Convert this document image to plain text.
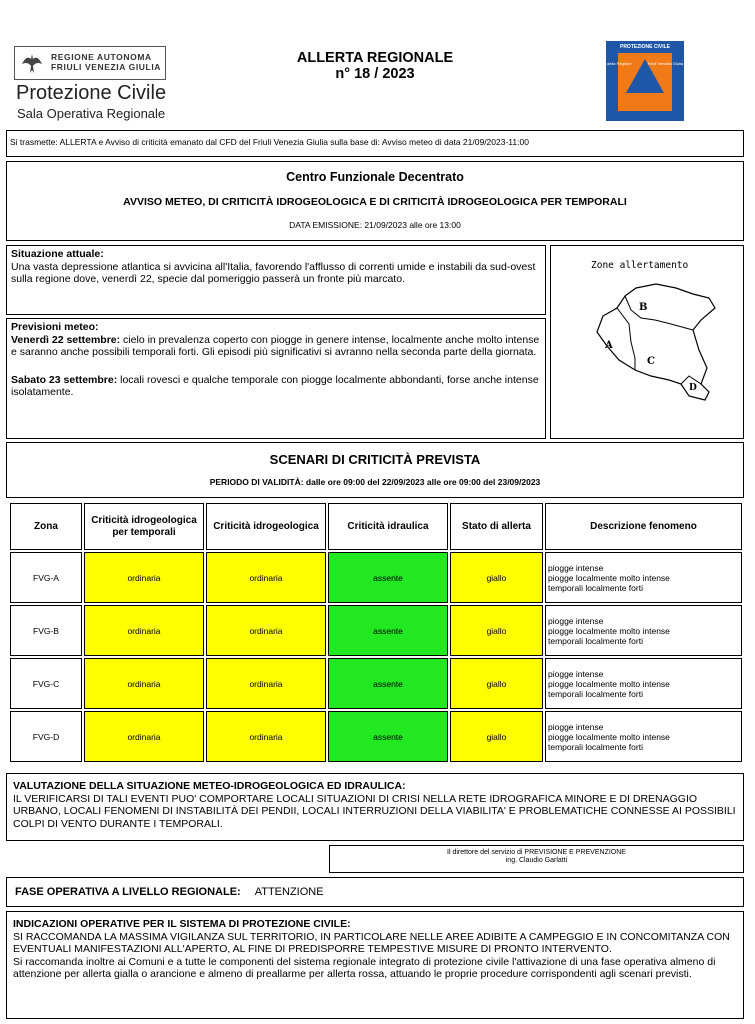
REGIONE AUTONOMA
FRIULI VENEZIA GIULIA
Protezione Civile
Sala Operativa Regionale
ALLERTA REGIONALE
n° 18 / 2023
PROTEZIONE CIVILE
della Regione	Friuli Venezia Giulia
Si trasmette: ALLERTA e Avviso di criticità emanato dal CFD del Friuli Venezia Giulia sulla base di: Avviso meteo di data 21/09/2023-11:00
Centro Funzionale Decentrato
AVVISO METEO, DI CRITICITÀ IDROGEOLOGICA E DI CRITICITÀ IDROGEOLOGICA PER TEMPORALI
DATA EMISSIONE: 21/09/2023 alle ore 13:00
Situazione attuale:
Una vasta depressione atlantica si avvicina all'Italia, favorendo l'afflusso di correnti umide e instabili da sud-ovest sulla regione dove, venerdì 22, specie dal pomeriggio passerà un fronte più marcato.
Previsioni meteo:
Venerdì 22 settembre: cielo in prevalenza coperto con piogge in genere intense, localmente anche molto intense e saranno anche possibili temporali forti. Gli episodi più significativi si avranno nella seconda parte della giornata.
Sabato 23 settembre: locali rovesci e qualche temporale con piogge localmente abbondanti, forse anche intense isolatamente.
Zone allertamento
B
A
C
D
SCENARI DI CRITICITÀ PREVISTA
PERIODO DI VALIDITÀ: dalle ore 09:00 del 22/09/2023 alle ore 09:00 del 23/09/2023
Zona	Criticità idrogeologica per temporali	Criticità idrogeologica	Criticità idraulica	Stato di allerta	Descrizione fenomeno
FVG-A	ordinaria	ordinaria	assente	giallo	piogge intense
piogge localmente molto intense
temporali localmente forti

FVG-B	ordinaria	ordinaria	assente	giallo	piogge intense
piogge localmente molto intense
temporali localmente forti

FVG-C	ordinaria	ordinaria	assente	giallo	piogge intense
piogge localmente molto intense
temporali localmente forti

FVG-D	ordinaria	ordinaria	assente	giallo	piogge intense
piogge localmente molto intense
temporali localmente forti
VALUTAZIONE DELLA SITUAZIONE METEO-IDROGEOLOGICA ED IDRAULICA:
IL VERIFICARSI DI TALI EVENTI PUO' COMPORTARE LOCALI SITUAZIONI DI CRISI NELLA RETE IDROGRAFICA MINORE E DI DRENAGGIO URBANO, LOCALI FENOMENI DI INSTABILITÀ DEI PENDII, LOCALI INTERRUZIONI DELLA VIABILITA' E PROBLEMATICHE CONNESSE AI POSSIBILI COLPI DI VENTO DURANTE I TEMPORALI.
Il direttore del servizio di PREVISIONE E PREVENZIONE
ing. Claudio Garlatti
FASE OPERATIVA A LIVELLO REGIONALE: ATTENZIONE
INDICAZIONI OPERATIVE PER IL SISTEMA DI PROTEZIONE CIVILE:
SI RACCOMANDA LA MASSIMA VIGILANZA SUL TERRITORIO, IN PARTICOLARE NELLE AREE ADIBITE A CAMPEGGIO E IN CONCOMITANZA CON EVENTUALI MANIFESTAZIONI ALL'APERTO, AL FINE DI PREDISPORRE TEMPESTIVE MISURE DI PRONTO INTERVENTO.
Si raccomanda inoltre ai Comuni e a tutte le componenti del sistema regionale integrato di protezione civile l'attivazione di una fase operativa almeno di attenzione per allerta gialla o arancione e almeno di preallarme per allerta rossa, attuando le proprie procedure corrispondenti agli scenari previsti.
